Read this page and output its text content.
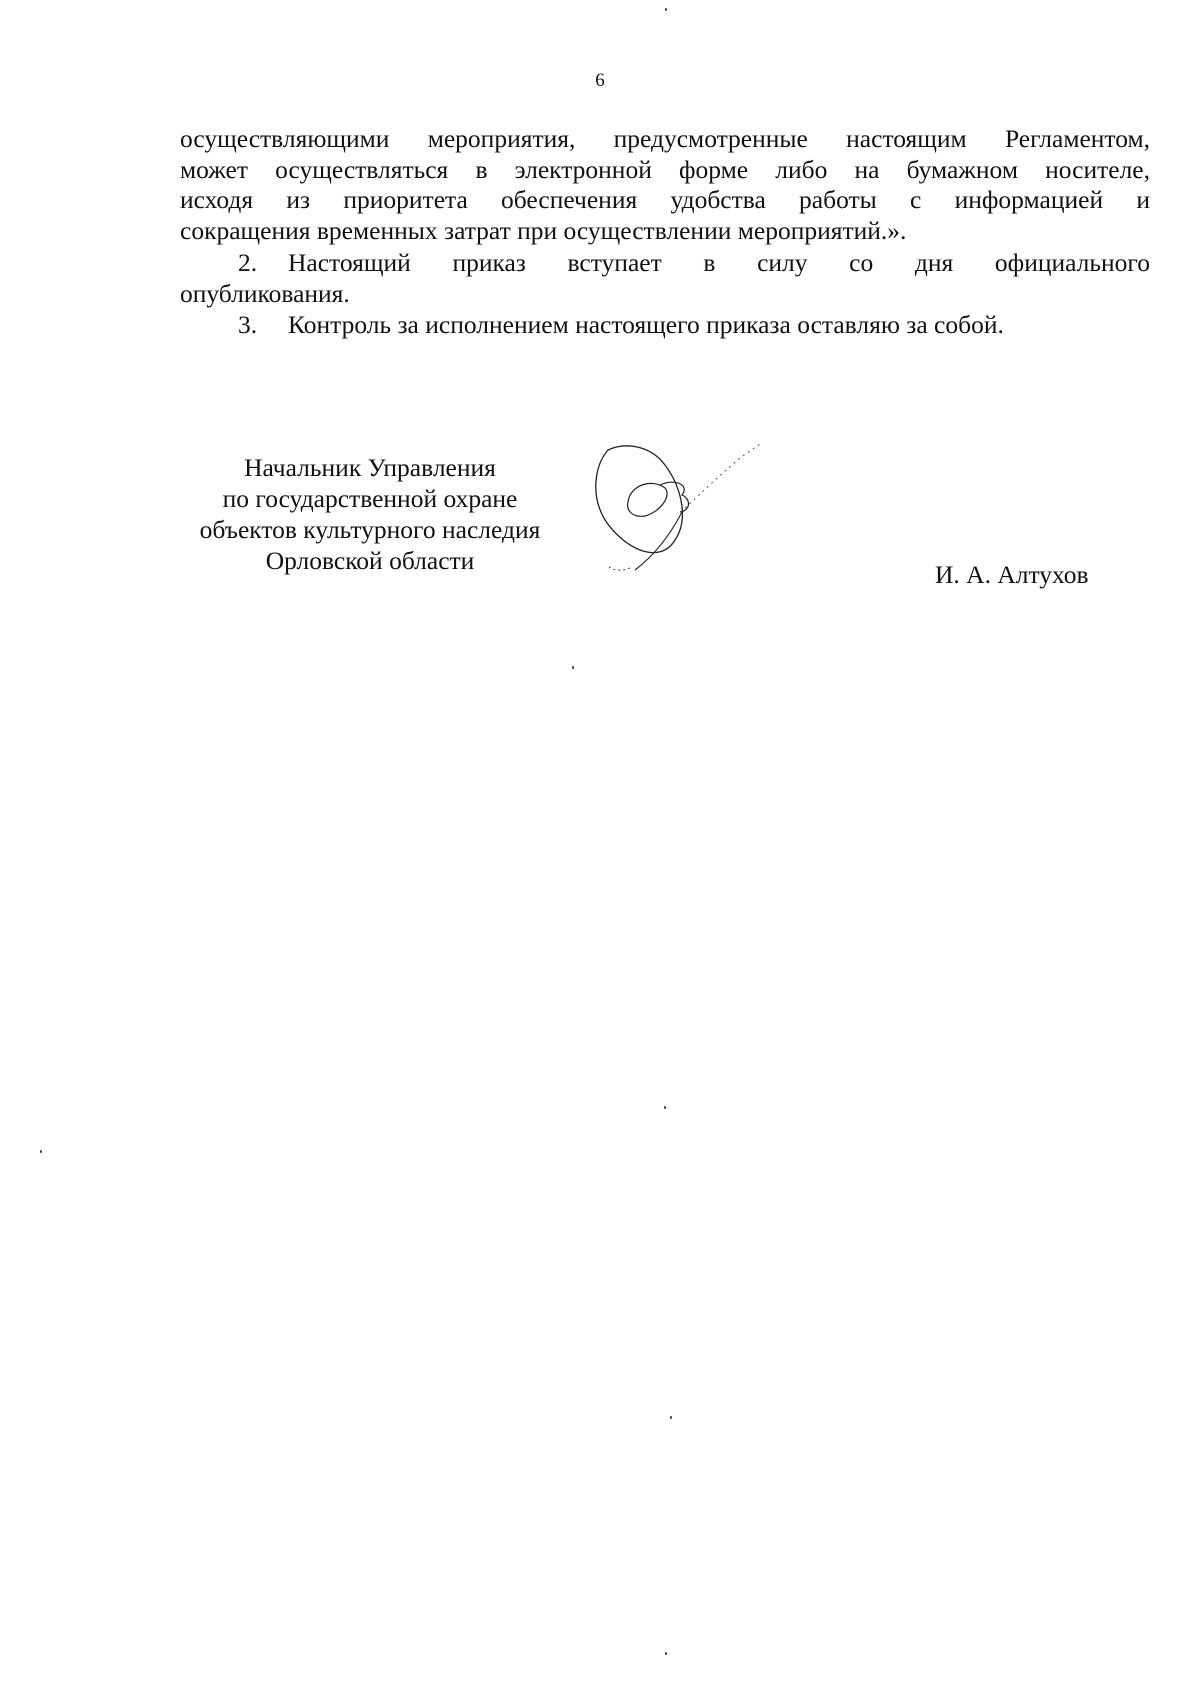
6
осуществляющими мероприятия, предусмотренные настоящим Регламентом,
может осуществляться в электронной форме либо на бумажном носителе,
исходя из приоритета обеспечения удобства работы с информацией и
сокращения временных затрат при осуществлении мероприятий.».
2. Настоящий приказ вступает в силу со дня официального
опубликования.
3. Контроль за исполнением настоящего приказа оставляю за собой.
Начальник Управления
по государственной охране
объектов культурного наследия
Орловской области	И. А. Алтухов
